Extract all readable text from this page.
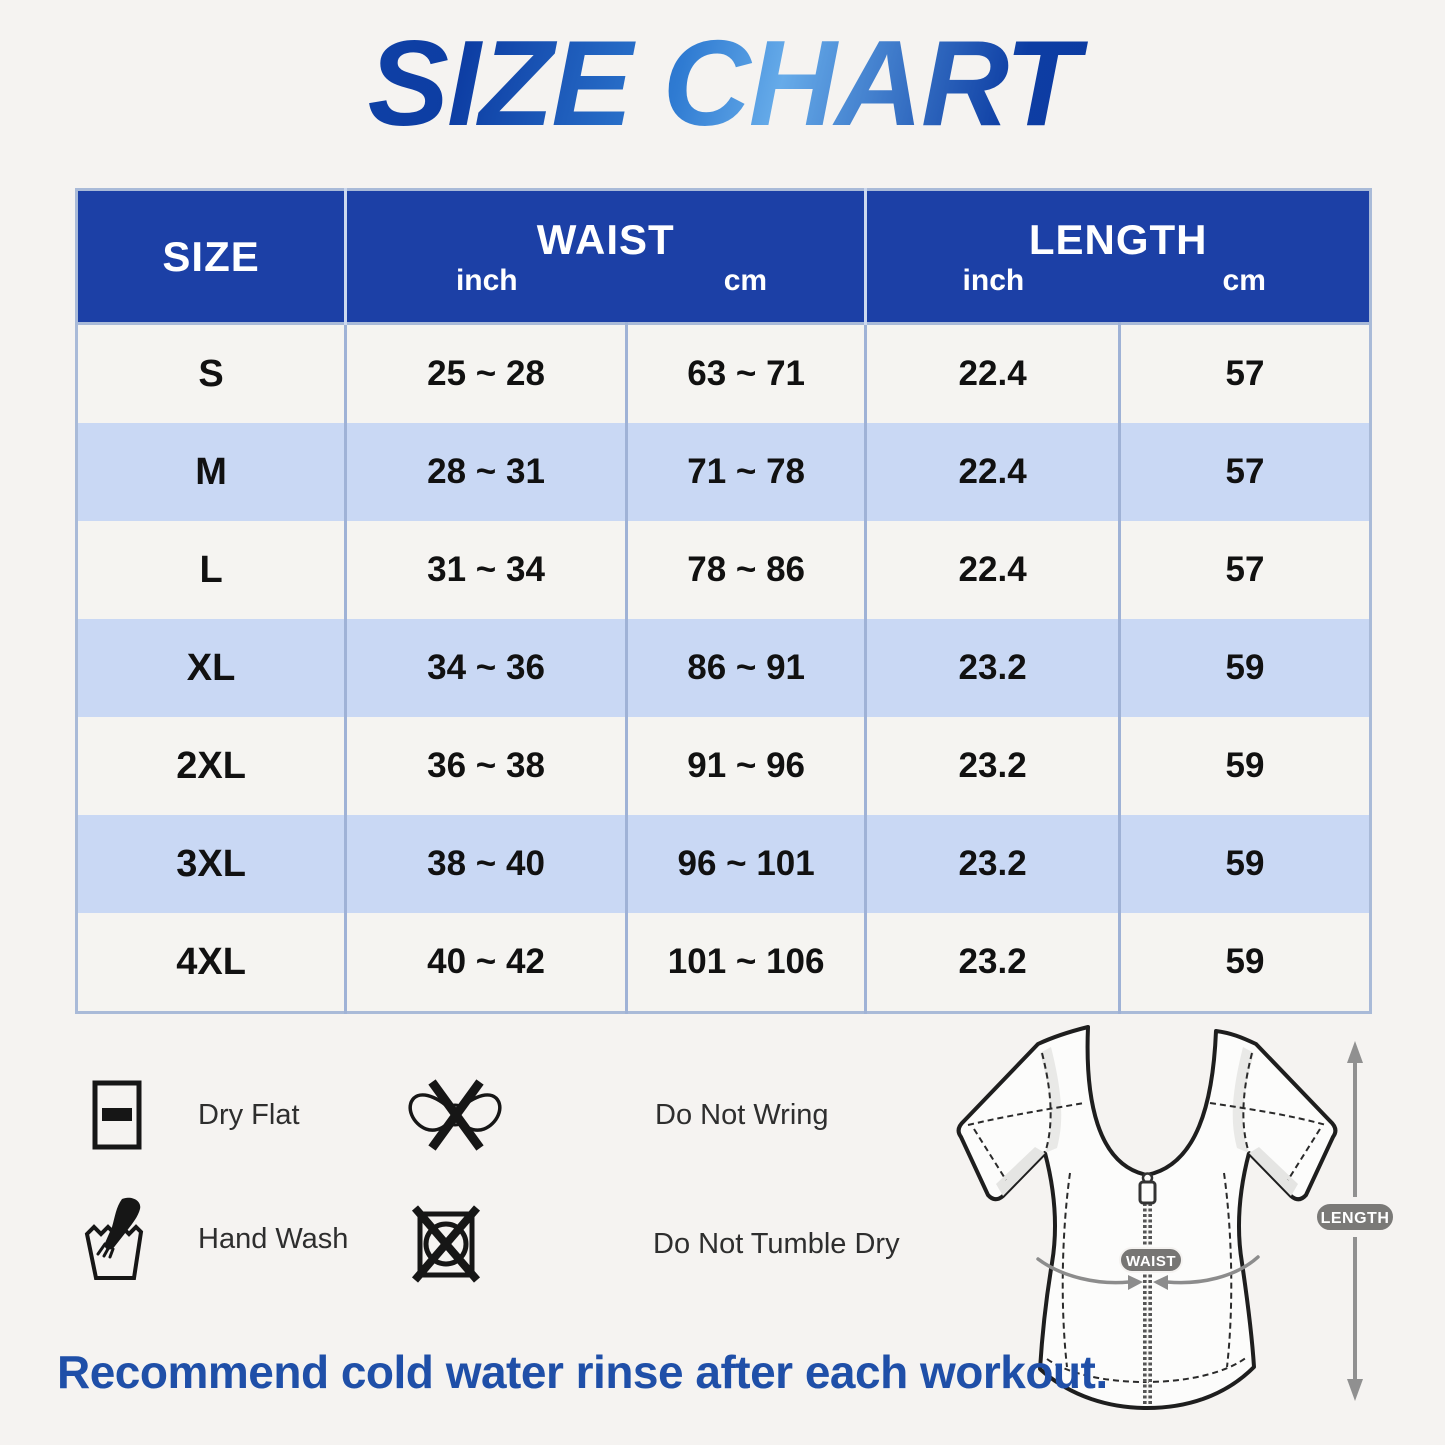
SIZE CHART
SIZE	WAIST		LENGTH	
	inch	cm	inch	cm
S	25 ~ 28	63 ~ 71	22.4	57
M	28 ~ 31	71 ~ 78	22.4	57
L	31 ~ 34	78 ~ 86	22.4	57
XL	34 ~ 36	86 ~ 91	23.2	59
2XL	36 ~ 38	91 ~ 96	23.2	59
3XL	38 ~ 40	96 ~ 101	23.2	59
4XL	40 ~ 42	101 ~ 106	23.2	59
Dry Flat	Do Not Wring
Hand Wash	Do Not Tumble Dry
WAIST
LENGTH
Recommend cold water rinse after each workout.
